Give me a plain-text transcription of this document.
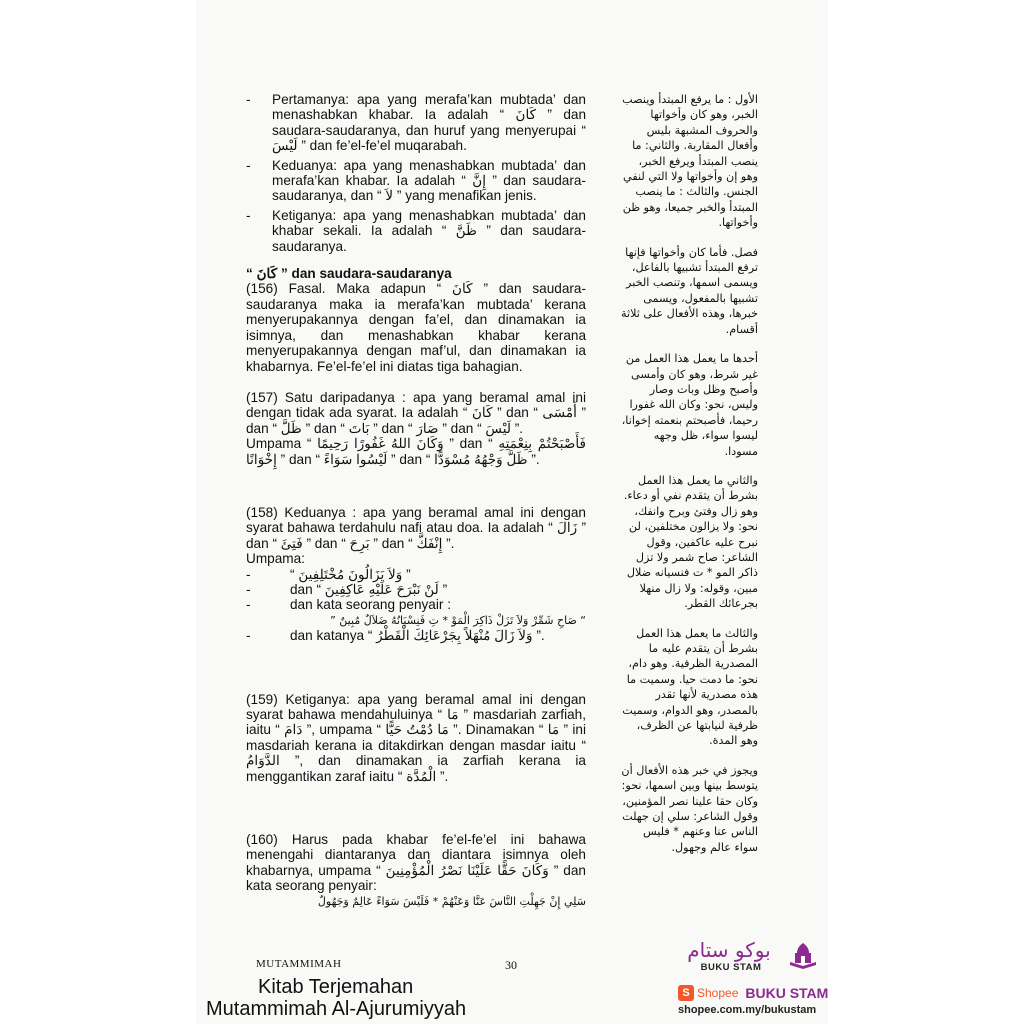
- Pertamanya: apa yang merafa’kan mubtada’ dan menashabkan khabar. Ia adalah “ كَانَ ” dan saudara-saudaranya, dan huruf yang menyerupai “ لَيْسَ ” dan fe’el-fe’el muqarabah.
- Keduanya: apa yang menashabkan mubtada’ dan merafa’kan khabar. Ia adalah “ إِنَّ ” dan saudara-saudaranya, dan “ لاَ ” yang menafikan jenis.
- Ketiganya: apa yang menashabkan mubtada’ dan khabar sekali. Ia adalah “ ظَنَّ ” dan saudara-saudaranya.
“ كَانَ ” dan saudara-saudaranya

(156) Fasal. Maka adapun “ كَانَ ” dan saudara-saudaranya maka ia merafa’kan mubtada’ kerana menyerupakannya dengan fa’el, dan dinamakan ia isimnya, dan menashabkan khabar kerana menyerupakannya dengan maf’ul, dan dinamakan ia khabarnya. Fe’el-fe’el ini diatas tiga bahagian.

(157) Satu daripadanya : apa yang beramal amal ini dengan tidak ada syarat. Ia adalah “ كَانَ ” dan “ أَمْسَى ” dan “ ظَلَّ ” dan “ بَاتَ ” dan “ صَارَ ” dan “ لَيْسَ ”.

Umpama “ وَكَانَ اللهُ غَفُورًا رَحِيمًا ” dan “ فَأَصْبَحْتُمْ بِنِعْمَتِهِ إِخْوَانًا ” dan “ لَيْسُوا سَوَاءً ” dan “ ظَلَّ وَجْهُهُ مُسْوَدًّا ”.

(158) Keduanya : apa yang beramal amal ini dengan syarat bahawa terdahulu nafi atau doa. Ia adalah “ زَالَ ” dan “ فَتِئَ ” dan “ بَرِحَ ” dan “ إِنْفَكَّ ”.

Umpama:
-	“ وَلاَ يَزَالُونَ مُخْتَلِفِينَ ”
-	dan “ لَنْ نَبْرَحَ عَلَيْهِ عَاكِفِينَ ”
-	dan kata seorang penyair :
“ صَاحِ شَمِّرْ وَلاَ تَزَلْ ذَاكِرَ الْمَوْ * تِ فَنِسْيَانُهُ ضَلاَلٌ مُبِينٌ ”
-	dan katanya “ وَلاَ زَالَ مُنْهَلاً بِجَرْعَائِكَ الْقَطْرُ ”.

(159) Ketiganya: apa yang beramal amal ini dengan syarat bahawa mendahuluinya “ مَا ” masdariah zarfiah, iaitu “ دَامَ ”, umpama “ مَا دُمْتُ حَيًّا ”. Dinamakan “ مَا ” ini masdariah kerana ia ditakdirkan dengan masdar iaitu “ الدَّوَامُ ”, dan dinamakan ia zarfiah kerana ia menggantikan zaraf iaitu “ الْمُدَّة ”.

(160) Harus pada khabar fe’el-fe’el ini bahawa menengahi diantaranya dan diantara isimnya oleh khabarnya, umpama “ وَكَانَ حَقًّا عَلَيْنَا نَصْرُ الْمُؤْمِنِينَ ” dan kata seorang penyair:

سَلِي إِنْ جَهِلْتِ النَّاسَ عَنَّا وَعَنْهُمْ * فَلَيْسَ سَوَاءً عَالِمٌ وَجَهُولٌ

الأول : ما يرفع المبتدأ وينصب الخبر، وهو كان وأخواتها والحروف المشبهة بليس وأفعال المقاربة. والثاني: ما ينصب المبتدأ ويرفع الخبر، وهو إن وأخواتها ولا التي لنفي الجنس. والثالث : ما ينصب المبتدأ والخبر جميعا، وهو ظن وأخواتها.

فصل. فأما كان وأخواتها فإنها ترفع المبتدأ تشبيها بالفاعل، ويسمى اسمها، وتنصب الخبر تشبيها بالمفعول، ويسمى خبرها، وهذه الأفعال على ثلاثة أقسام.

أحدها ما يعمل هذا العمل من غير شرط، وهو كان وأمسى وأصبح وظل وبات وصار وليس، نحو: وكان الله غفورا رحيما، فأصبحتم بنعمته إخوانا، ليسوا سواء، ظل وجهه مسودا.

والثاني ما يعمل هذا العمل بشرط أن يتقدم نفي أو دعاء. وهو زال وفتئ وبرح وانفك، نحو: ولا يزالون مختلفين، لن نبرح عليه عاكفين، وقول الشاعر: صاح شمر ولا تزل ذاكر المو * ت فنسيانه ضلال مبين، وقوله: ولا زال منهلا بجرعائك القطر.

والثالث ما يعمل هذا العمل بشرط أن يتقدم عليه ما المصدرية الظرفية. وهو دام، نحو: ما دمت حيا. وسميت ما هذه مصدرية لأنها تقدر بالمصدر، وهو الدوام، وسميت ظرفية لنيابتها عن الظرف، وهو المدة.

ويجوز في خبر هذه الأفعال أن يتوسط بينها وبين اسمها، نحو: وكان حقا علينا نصر المؤمنين، وقول الشاعر: سلي إن جهلت الناس عنا وعنهم * فليس سواء عالم وجهول.

MUTAMMIMAH	30
Kitab Terjemahan
Mutammimah Al-Ajurumiyyah
بوكو ستام
BUKU STAM
S Shopee BUKU STAM
shopee.com.my/bukustam
